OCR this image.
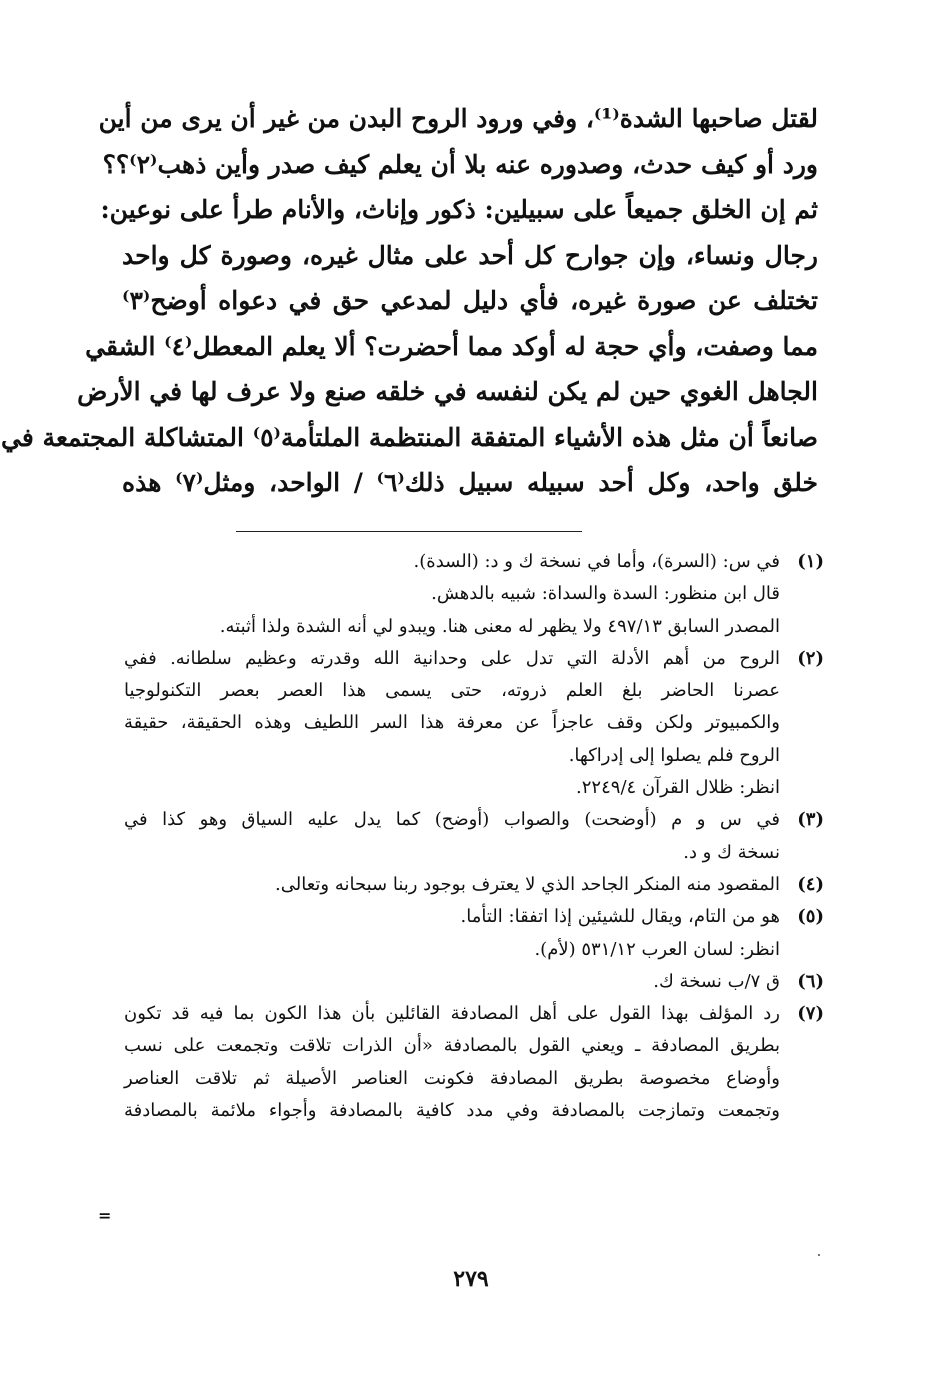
لقتل صاحبها الشدة⁽¹⁾، وفي ورود الروح البدن من غير أن يرى من أين
ورد أو كيف حدث، وصدوره عنه بلا أن يعلم كيف صدر وأين ذهب⁽٢⁾؟؟
ثم إن الخلق جميعاً على سبيلين: ذكور وإناث، والأنام طرأ على نوعين:
رجال ونساء، وإن جوارح كل أحد على مثال غيره، وصورة كل واحد
تختلف عن صورة غيره، فأي دليل لمدعي حق في دعواه أوضح⁽٣⁾
مما وصفت، وأي حجة له أوكد مما أحضرت؟ ألا يعلم المعطل⁽٤⁾ الشقي
الجاهل الغوي حين لم يكن لنفسه في خلقه صنع ولا عرف لها في الأرض
صانعاً أن مثل هذه الأشياء المتفقة المنتظمة الملتأمة⁽٥⁾ المتشاكلة المجتمعة في
خلق واحد، وكل أحد سبيله سبيل ذلك⁽٦⁾ / الواحد، ومثل⁽٧⁾ هذه
(١)
في س: (السرة)، وأما في نسخة ك و د: (السدة).
قال ابن منظور: السدة والسداة: شبيه بالدهش.
المصدر السابق ٤٩٧/١٣ ولا يظهر له معنى هنا. ويبدو لي أنه الشدة ولذا أثبته.
(٢)
الروح من أهم الأدلة التي تدل على وحدانية الله وقدرته وعظيم سلطانه. ففي
عصرنا الحاضر بلغ العلم ذروته، حتى يسمى هذا العصر بعصر التكنولوجيا
والكمبيوتر ولكن وقف عاجزاً عن معرفة هذا السر اللطيف وهذه الحقيقة، حقيقة
الروح فلم يصلوا إلى إدراكها.
انظر: ظلال القرآن ٢٢٤٩/٤.
(٣)
في س و م (أوضحت) والصواب (أوضح) كما يدل عليه السياق وهو كذا في
نسخة ك و د.
(٤)
المقصود منه المنكر الجاحد الذي لا يعترف بوجود ربنا سبحانه وتعالى.
(٥)
هو من التام، ويقال للشيئين إذا اتفقا: التأما.
انظر: لسان العرب ٥٣١/١٢ (لأم).
(٦)
ق ٧/ب نسخة ك.
(٧)
رد المؤلف بهذا القول على أهل المصادفة القائلين بأن هذا الكون بما فيه قد تكون
بطريق المصادفة ـ ويعني القول بالمصادفة «أن الذرات تلاقت وتجمعت على نسب
وأوضاع مخصوصة بطريق المصادفة فكونت العناصر الأصيلة ثم تلاقت العناصر
وتجمعت وتمازجت بالمصادفة وفي مدد كافية بالمصادفة وأجواء ملائمة بالمصادفة
=
٢٧٩
